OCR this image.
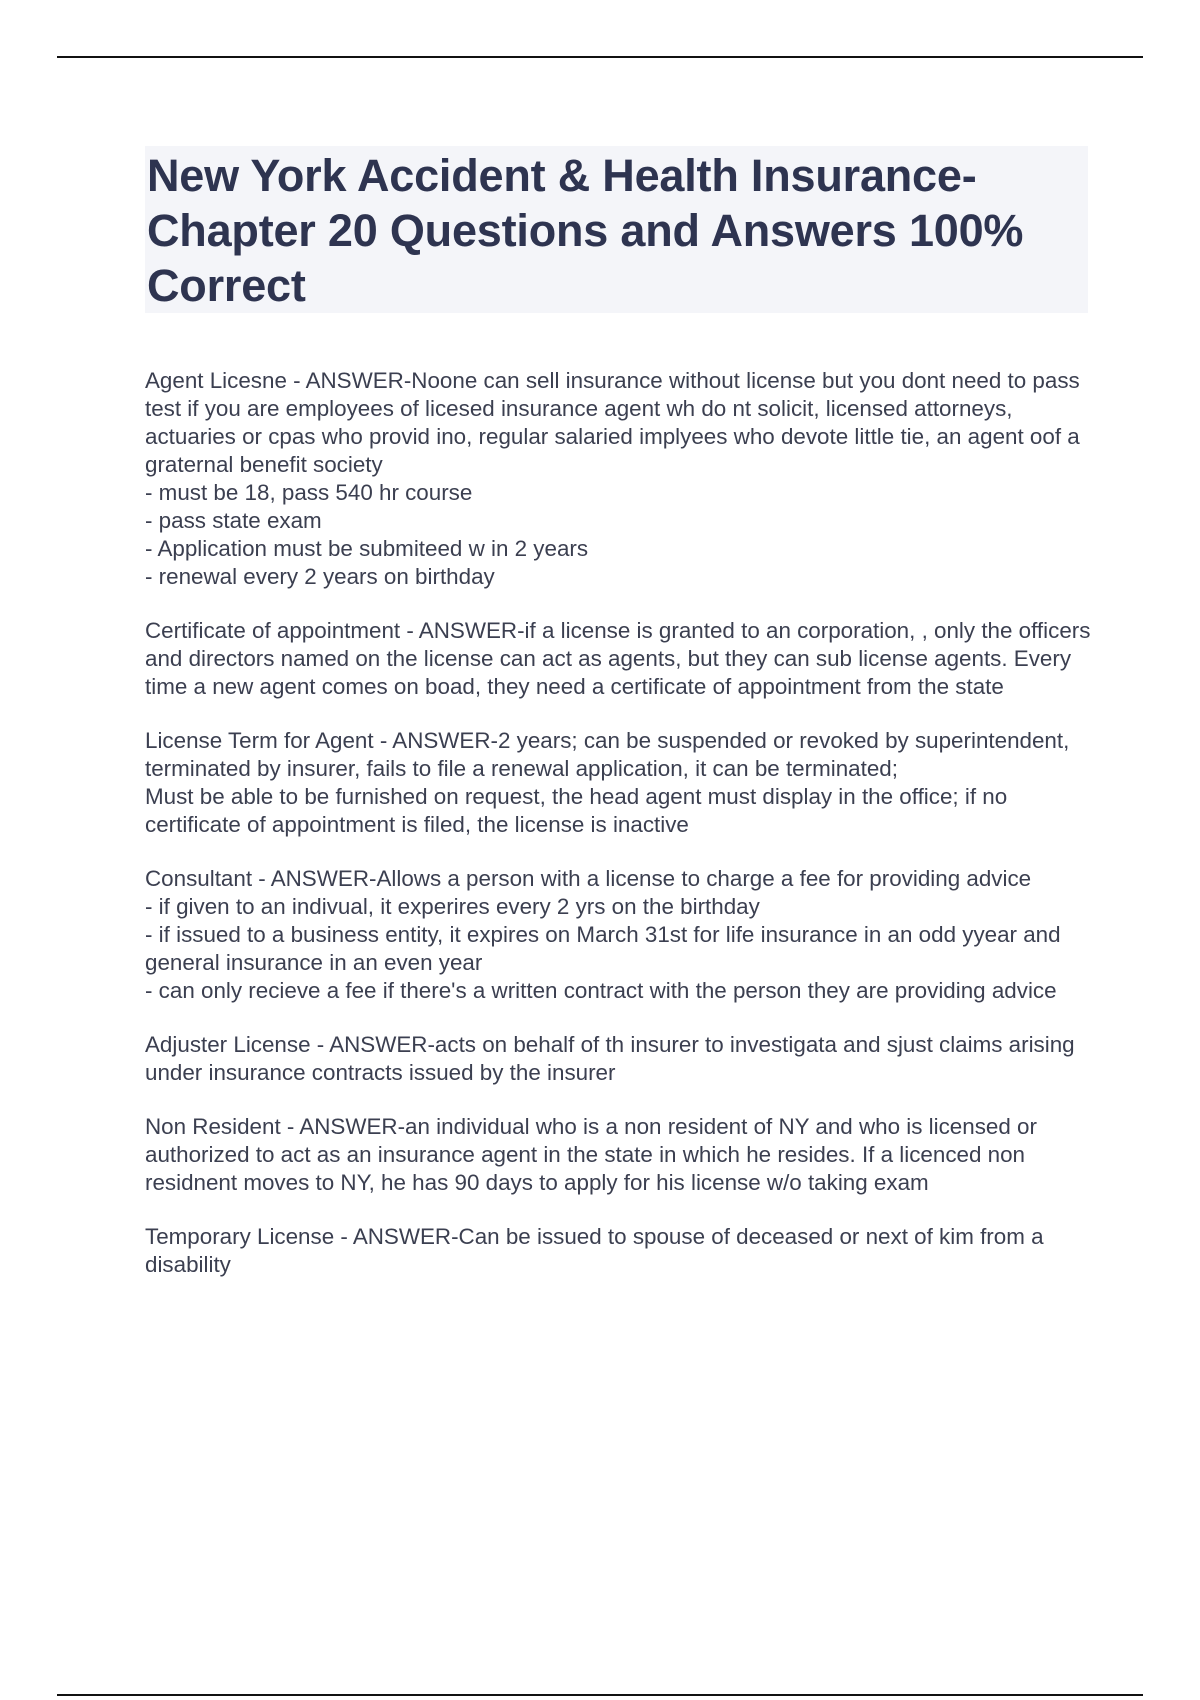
New York Accident & Health Insurance- Chapter 20 Questions and Answers 100% Correct

Agent Licesne - ANSWER-Noone can sell insurance without license but you dont need to pass test if you are employees of licesed insurance agent wh do nt solicit, licensed attorneys, actuaries or cpas who provid ino, regular salaried implyees who devote little tie, an agent oof a graternal benefit society
- must be 18, pass 540 hr course
- pass state exam
- Application must be submiteed w in 2 years
- renewal every 2 years on birthday

Certificate of appointment - ANSWER-if a license is granted to an corporation, , only the officers and directors named on the license can act as agents, but they can sub license agents. Every time a new agent comes on boad, they need a certificate of appointment from the state

License Term for Agent - ANSWER-2 years; can be suspended or revoked by superintendent, terminated by insurer, fails to file a renewal application, it can be terminated;
Must be able to be furnished on request, the head agent must display in the office; if no certificate of appointment is filed, the license is inactive

Consultant - ANSWER-Allows a person with a license to charge a fee for providing advice
- if given to an indivual, it experires every 2 yrs on the birthday
- if issued to a business entity, it expires on March 31st for life insurance in an odd yyear and general insurance in an even year
- can only recieve a fee if there's a written contract with the person they are providing advice

Adjuster License - ANSWER-acts on behalf of th insurer to investigata and sjust claims arising under insurance contracts issued by the insurer

Non Resident - ANSWER-an individual who is a non resident of NY and who is licensed or authorized to act as an insurance agent in the state in which he resides. If a licenced non residnent moves to NY, he has 90 days to apply for his license w/o taking exam

Temporary License - ANSWER-Can be issued to spouse of deceased or next of kim from a disability
